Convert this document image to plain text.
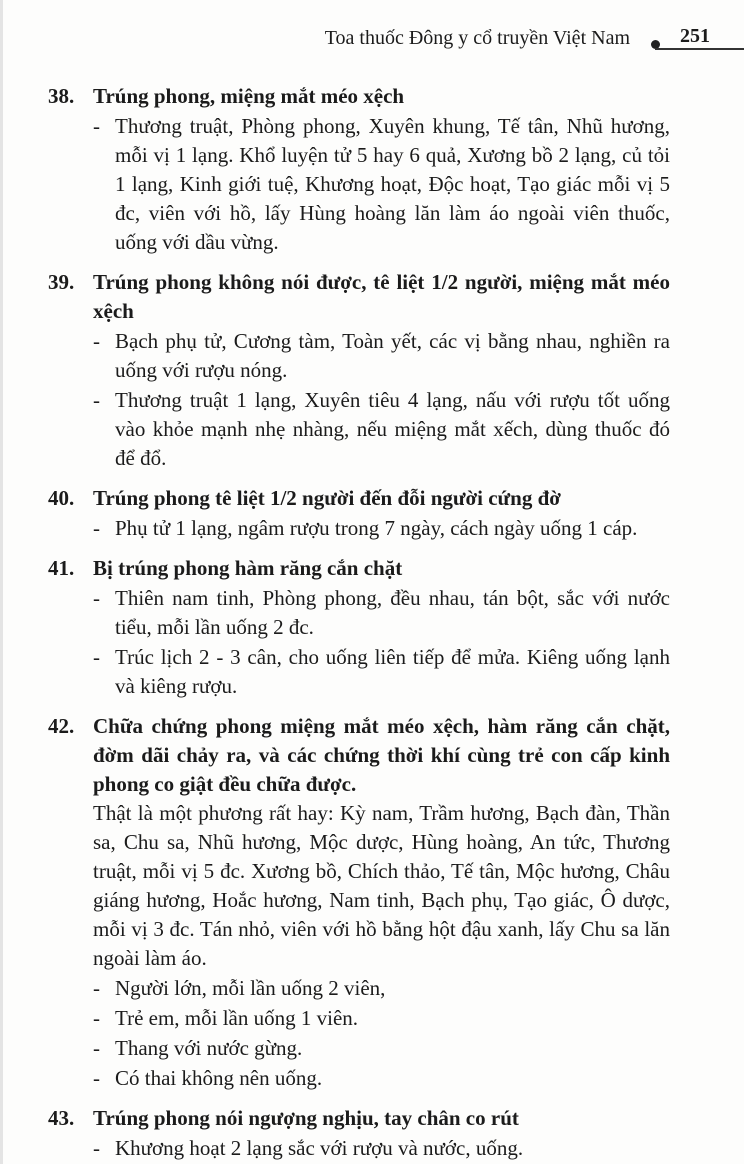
Toa thuốc Đông y cổ truyền Việt Nam	251
38. Trúng phong, miệng mắt méo xệch
- Thương truật, Phòng phong, Xuyên khung, Tế tân, Nhũ hương, mỗi vị 1 lạng. Khổ luyện tử 5 hay 6 quả, Xương bồ 2 lạng, củ tỏi 1 lạng, Kinh giới tuệ, Khương hoạt, Độc hoạt, Tạo giác mỗi vị 5 đc, viên với hồ, lấy Hùng hoàng lăn làm áo ngoài viên thuốc, uống với dầu vừng.
39. Trúng phong không nói được, tê liệt 1/2 người, miệng mắt méo xệch
- Bạch phụ tử, Cương tàm, Toàn yết, các vị bằng nhau, nghiền ra uống với rượu nóng.
- Thương truật 1 lạng, Xuyên tiêu 4 lạng, nấu với rượu tốt uống vào khỏe mạnh nhẹ nhàng, nếu miệng mắt xếch, dùng thuốc đó để đổ.
40. Trúng phong tê liệt 1/2 người đến đỗi người cứng đờ
- Phụ tử 1 lạng, ngâm rượu trong 7 ngày, cách ngày uống 1 cáp.
41. Bị trúng phong hàm răng cắn chặt
- Thiên nam tinh, Phòng phong, đều nhau, tán bột, sắc với nước tiểu, mỗi lần uống 2 đc.
- Trúc lịch 2 - 3 cân, cho uống liên tiếp để mửa. Kiêng uống lạnh và kiêng rượu.
42. Chữa chứng phong miệng mắt méo xệch, hàm răng cắn chặt, đờm dãi chảy ra, và các chứng thời khí cùng trẻ con cấp kinh phong co giật đều chữa được.

Thật là một phương rất hay: Kỳ nam, Trầm hương, Bạch đàn, Thần sa, Chu sa, Nhũ hương, Mộc dược, Hùng hoàng, An tức, Thương truật, mỗi vị 5 đc. Xương bồ, Chích thảo, Tế tân, Mộc hương, Châu giáng hương, Hoắc hương, Nam tinh, Bạch phụ, Tạo giác, Ô dược, mỗi vị 3 đc. Tán nhỏ, viên với hồ bằng hột đậu xanh, lấy Chu sa lăn ngoài làm áo.

- Người lớn, mỗi lần uống 2 viên,
- Trẻ em, mỗi lần uống 1 viên.
- Thang với nước gừng.
- Có thai không nên uống.
43. Trúng phong nói ngượng nghịu, tay chân co rút
- Khương hoạt 2 lạng sắc với rượu và nước, uống.
